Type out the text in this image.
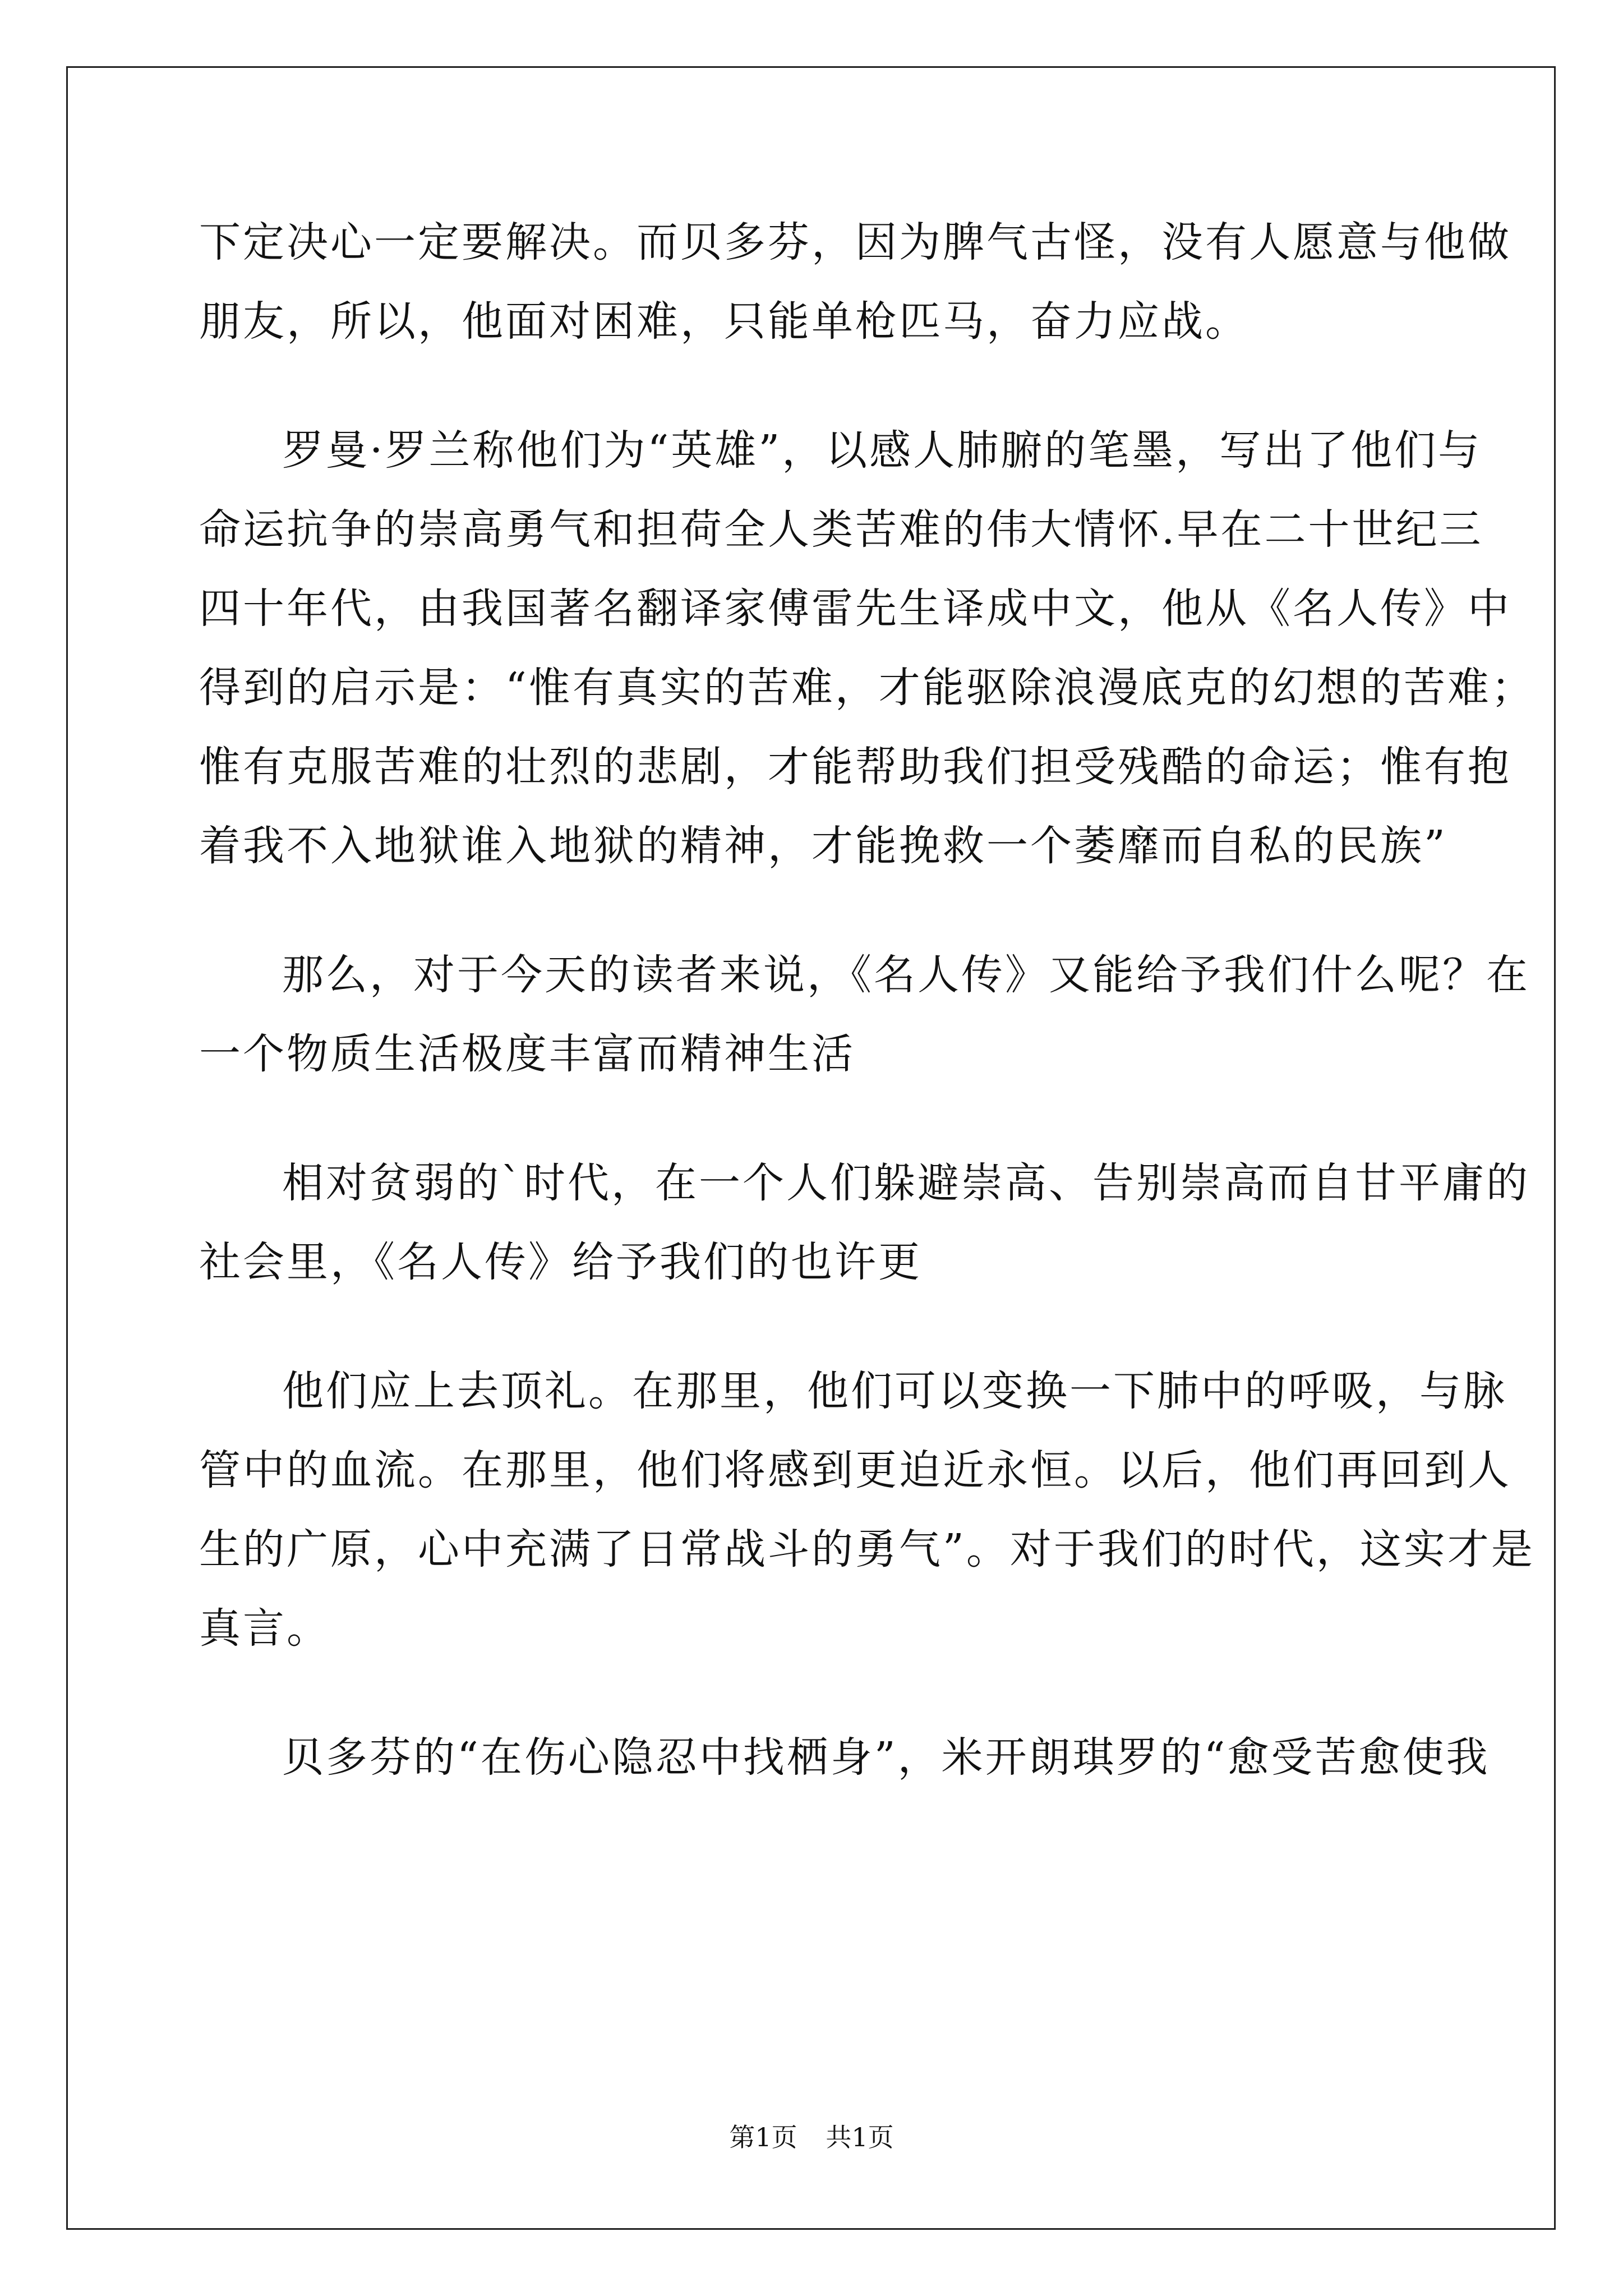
下定决心一定要解决。而贝多芬，因为脾气古怪，没有人愿意与他做
朋友，所以，他面对困难，只能单枪匹马，奋力应战。
罗曼·罗兰称他们为“英雄”，以感人肺腑的笔墨，写出了他们与
命运抗争的崇高勇气和担荷全人类苦难的伟大情怀.早在二十世纪三
四十年代，由我国著名翻译家傅雷先生译成中文，他从《名人传》中
得到的启示是：“惟有真实的苦难，才能驱除浪漫底克的幻想的苦难；
惟有克服苦难的壮烈的悲剧，才能帮助我们担受残酷的命运；惟有抱
着我不入地狱谁入地狱的精神，才能挽救一个萎靡而自私的民族”
那么，对于今天的读者来说，《名人传》又能给予我们什么呢？在
一个物质生活极度丰富而精神生活
相对贫弱的`时代，在一个人们躲避崇高、告别崇高而自甘平庸的
社会里，《名人传》给予我们的也许更
他们应上去顶礼。在那里，他们可以变换一下肺中的呼吸，与脉
管中的血流。在那里，他们将感到更迫近永恒。以后，他们再回到人
生的广原，心中充满了日常战斗的勇气”。对于我们的时代，这实才是
真言。
贝多芬的“在伤心隐忍中找栖身”，米开朗琪罗的“愈受苦愈使我
第1页 共1页
